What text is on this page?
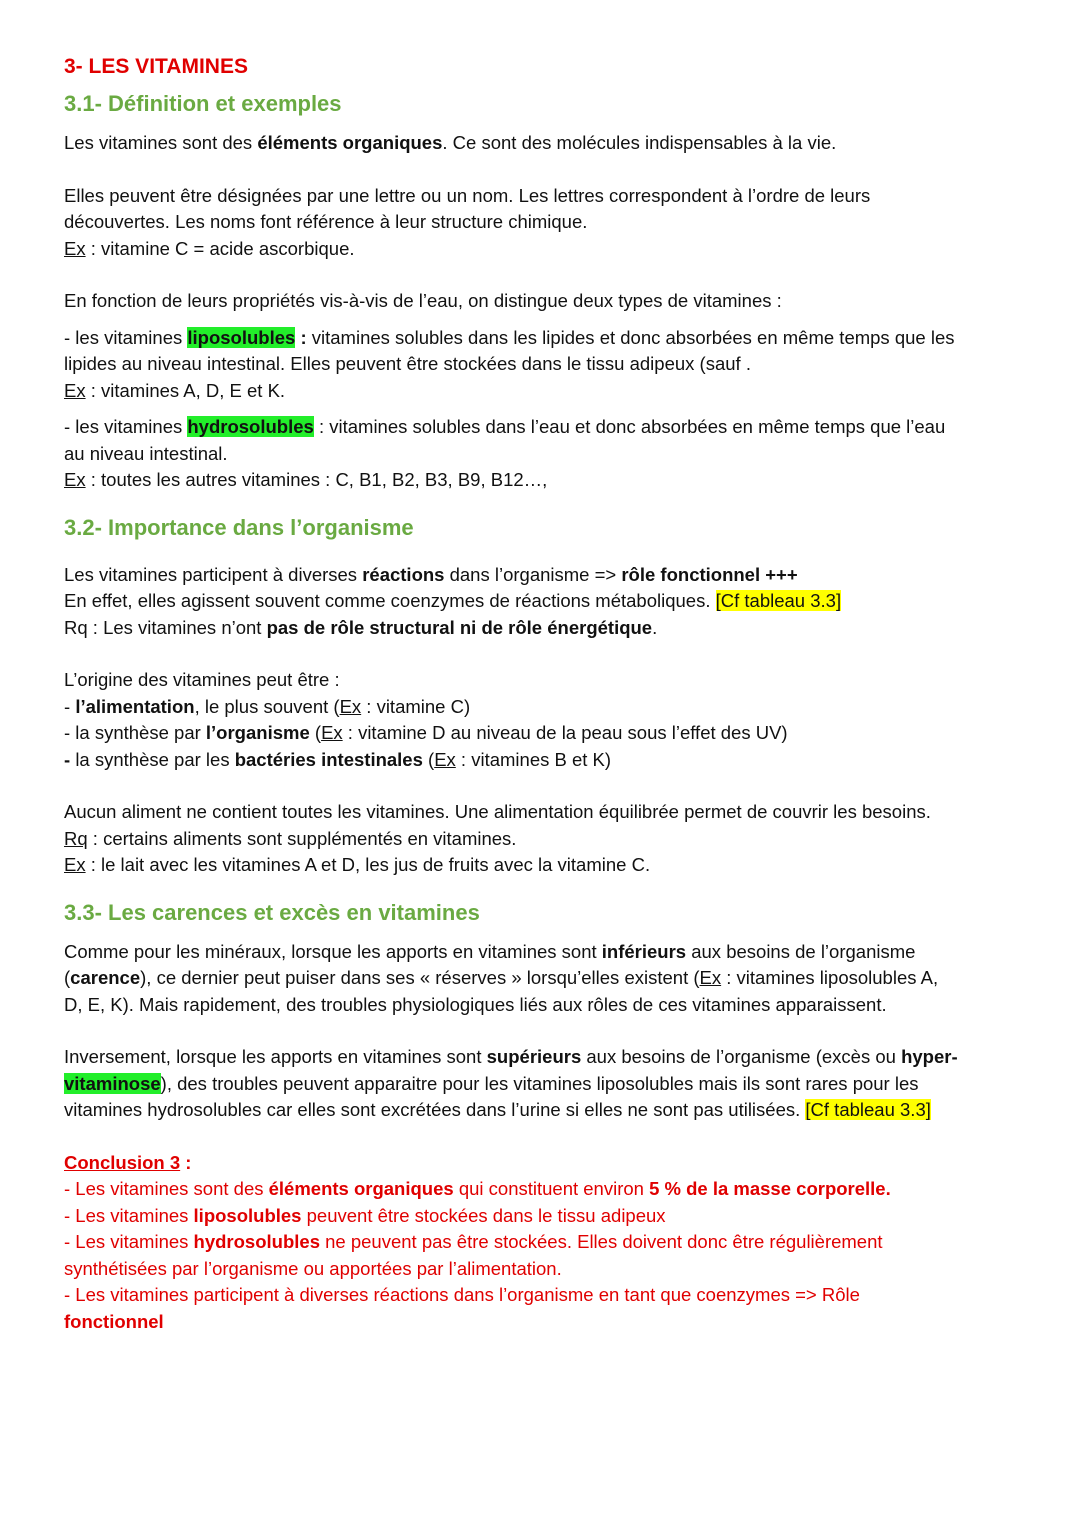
3- LES VITAMINES
3.1- Définition et exemples

Les vitamines sont des éléments organiques. Ce sont des molécules indispensables à la vie.

Elles peuvent être désignées par une lettre ou un nom. Les lettres correspondent à l’ordre de leurs
découvertes. Les noms font référence à leur structure chimique.
Ex : vitamine C = acide ascorbique.

En fonction de leurs propriétés vis-à-vis de l’eau, on distingue deux types de vitamines :

- les vitamines liposolubles : vitamines solubles dans les lipides et donc absorbées en même temps que les
lipides au niveau intestinal. Elles peuvent être stockées dans le tissu adipeux (sauf .
Ex : vitamines A, D, E et K.

- les vitamines hydrosolubles : vitamines solubles dans l’eau et donc absorbées en même temps que l’eau
au niveau intestinal.
Ex : toutes les autres vitamines : C, B1, B2, B3, B9, B12…,

3.2- Importance dans l’organisme

Les vitamines participent à diverses réactions dans l’organisme => rôle fonctionnel +++
En effet, elles agissent souvent comme coenzymes de réactions métaboliques. [Cf tableau 3.3]
Rq : Les vitamines n’ont pas de rôle structural ni de rôle énergétique.

L’origine des vitamines peut être :
- l’alimentation, le plus souvent (Ex : vitamine C)
- la synthèse par l’organisme (Ex : vitamine D au niveau de la peau sous l’effet des UV)
- la synthèse par les bactéries intestinales (Ex : vitamines B et K)

Aucun aliment ne contient toutes les vitamines. Une alimentation équilibrée permet de couvrir les besoins.
Rq : certains aliments sont supplémentés en vitamines.
Ex : le lait avec les vitamines A et D, les jus de fruits avec la vitamine C.

3.3- Les carences et excès en vitamines

Comme pour les minéraux, lorsque les apports en vitamines sont inférieurs aux besoins de l’organisme
(carence), ce dernier peut puiser dans ses « réserves » lorsqu’elles existent (Ex : vitamines liposolubles A,
D, E, K). Mais rapidement, des troubles physiologiques liés aux rôles de ces vitamines apparaissent.

Inversement, lorsque les apports en vitamines sont supérieurs aux besoins de l’organisme (excès ou hyper-
vitaminose), des troubles peuvent apparaitre pour les vitamines liposolubles mais ils sont rares pour les
vitamines hydrosolubles car elles sont excrétées dans l’urine si elles ne sont pas utilisées. [Cf tableau 3.3]

Conclusion 3 :
- Les vitamines sont des éléments organiques qui constituent environ 5 % de la masse corporelle.
- Les vitamines liposolubles peuvent être stockées dans le tissu adipeux
- Les vitamines hydrosolubles ne peuvent pas être stockées. Elles doivent donc être régulièrement
synthétisées par l’organisme ou apportées par l’alimentation.
- Les vitamines participent à diverses réactions dans l’organisme en tant que coenzymes => Rôle
fonctionnel
